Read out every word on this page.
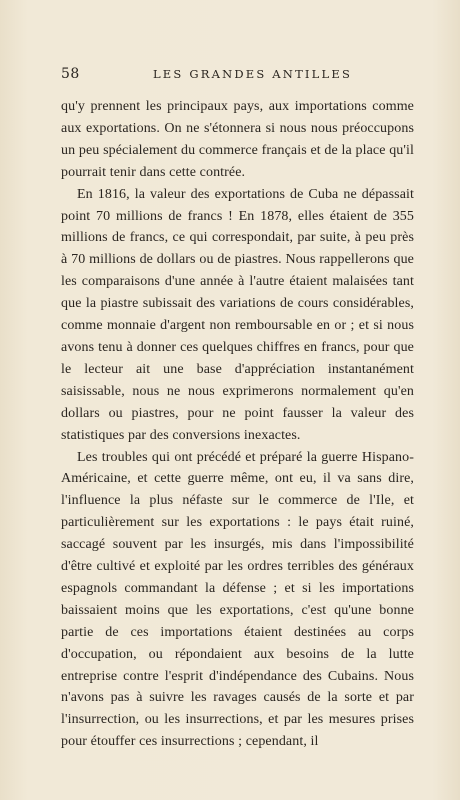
58	LES GRANDES ANTILLES

qu'y prennent les principaux pays, aux importations comme aux exportations. On ne s'étonnera si nous nous préoccupons un peu spécialement du commerce français et de la place qu'il pourrait tenir dans cette contrée.

En 1816, la valeur des exportations de Cuba ne dépassait point 70 millions de francs ! En 1878, elles étaient de 355 millions de francs, ce qui correspondait, par suite, à peu près à 70 millions de dollars ou de piastres. Nous rappellerons que les comparaisons d'une année à l'autre étaient malaisées tant que la piastre subissait des variations de cours considérables, comme monnaie d'argent non remboursable en or ; et si nous avons tenu à donner ces quelques chiffres en francs, pour que le lecteur ait une base d'appréciation instantanément saisissable, nous ne nous exprimerons normalement qu'en dollars ou piastres, pour ne point fausser la valeur des statistiques par des conversions inexactes.

Les troubles qui ont précédé et préparé la guerre Hispano-Américaine, et cette guerre même, ont eu, il va sans dire, l'influence la plus néfaste sur le commerce de l'Ile, et particulièrement sur les exportations : le pays était ruiné, saccagé souvent par les insurgés, mis dans l'impossibilité d'être cultivé et exploité par les ordres terribles des généraux espagnols commandant la défense ; et si les importations baissaient moins que les exportations, c'est qu'une bonne partie de ces importations étaient destinées au corps d'occupation, ou répondaient aux besoins de la lutte entreprise contre l'esprit d'indépendance des Cubains. Nous n'avons pas à suivre les ravages causés de la sorte et par l'insurrection, ou les insurrections, et par les mesures prises pour étouffer ces insurrections ; cependant, il
